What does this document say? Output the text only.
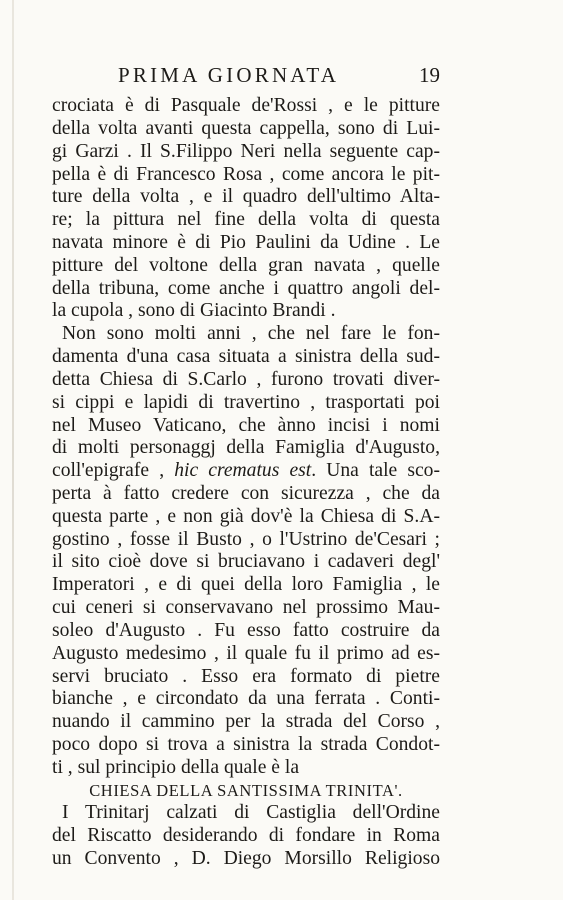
PRIMA GIORNATA	19
crociata è di Pasquale de'Rossi , e le pitture
della volta avanti questa cappella, sono di Lui-
gi Garzi . Il S.Filippo Neri nella seguente cap-
pella è di Francesco Rosa , come ancora le pit-
ture della volta , e il quadro dell'ultimo Alta-
re; la pittura nel fine della volta di questa
navata minore è di Pio Paulini da Udine . Le
pitture del voltone della gran navata , quelle
della tribuna, come anche i quattro angoli del-
la cupola , sono di Giacinto Brandi .
Non sono molti anni , che nel fare le fon-
damenta d'una casa situata a sinistra della sud-
detta Chiesa di S.Carlo , furono trovati diver-
si cippi e lapidi di travertino , trasportati poi
nel Museo Vaticano, che ànno incisi i nomi
di molti personaggj della Famiglia d'Augusto,
coll'epigrafe , hic crematus est. Una tale sco-
perta à fatto credere con sicurezza , che da
questa parte , e non già dov'è la Chiesa di S.A-
gostino , fosse il Busto , o l'Ustrino de'Cesari ;
il sito cioè dove si bruciavano i cadaveri degl'
Imperatori , e di quei della loro Famiglia , le
cui ceneri si conservavano nel prossimo Mau-
soleo d'Augusto . Fu esso fatto costruire da
Augusto medesimo , il quale fu il primo ad es-
servi bruciato . Esso era formato di pietre
bianche , e circondato da una ferrata . Conti-
nuando il cammino per la strada del Corso ,
poco dopo si trova a sinistra la strada Condot-
ti , sul principio della quale è la
CHIESA DELLA SANTISSIMA TRINITA'.
I Trinitarj calzati di Castiglia dell'Ordine
del Riscatto desiderando di fondare in Roma
un Convento , D. Diego Morsillo Religioso
